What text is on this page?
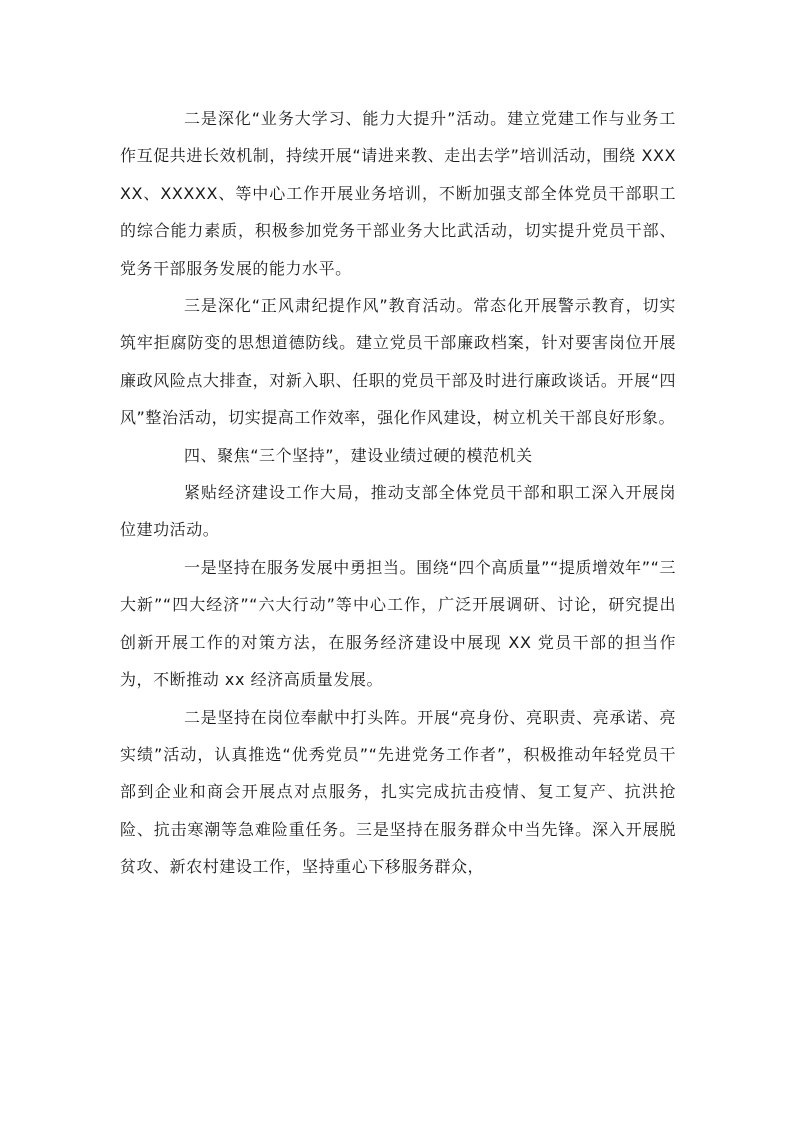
二是深化“业务大学习、能力大提升”活动。建立党建工作与业务工作互促共进长效机制，持续开展“请进来教、走出去学”培训活动，围绕 XXXXX、XXXXX、等中心工作开展业务培训，不断加强支部全体党员干部职工的综合能力素质，积极参加党务干部业务大比武活动，切实提升党员干部、党务干部服务发展的能力水平。

三是深化“正风肃纪提作风”教育活动。常态化开展警示教育，切实筑牢拒腐防变的思想道德防线。建立党员干部廉政档案，针对要害岗位开展廉政风险点大排查，对新入职、任职的党员干部及时进行廉政谈话。开展“四风”整治活动，切实提高工作效率，强化作风建设，树立机关干部良好形象。

四、聚焦“三个坚持”，建设业绩过硬的模范机关

紧贴经济建设工作大局，推动支部全体党员干部和职工深入开展岗位建功活动。

一是坚持在服务发展中勇担当。围绕“四个高质量”“提质增效年”“三大新”“四大经济”“六大行动”等中心工作，广泛开展调研、讨论，研究提出创新开展工作的对策方法，在服务经济建设中展现 XX 党员干部的担当作为，不断推动 xx 经济高质量发展。

二是坚持在岗位奉献中打头阵。开展“亮身份、亮职责、亮承诺、亮实绩”活动，认真推选“优秀党员”“先进党务工作者”，积极推动年轻党员干部到企业和商会开展点对点服务，扎实完成抗击疫情、复工复产、抗洪抢险、抗击寒潮等急难险重任务。三是坚持在服务群众中当先锋。深入开展脱贫攻、新农村建设工作，坚持重心下移服务群众，
